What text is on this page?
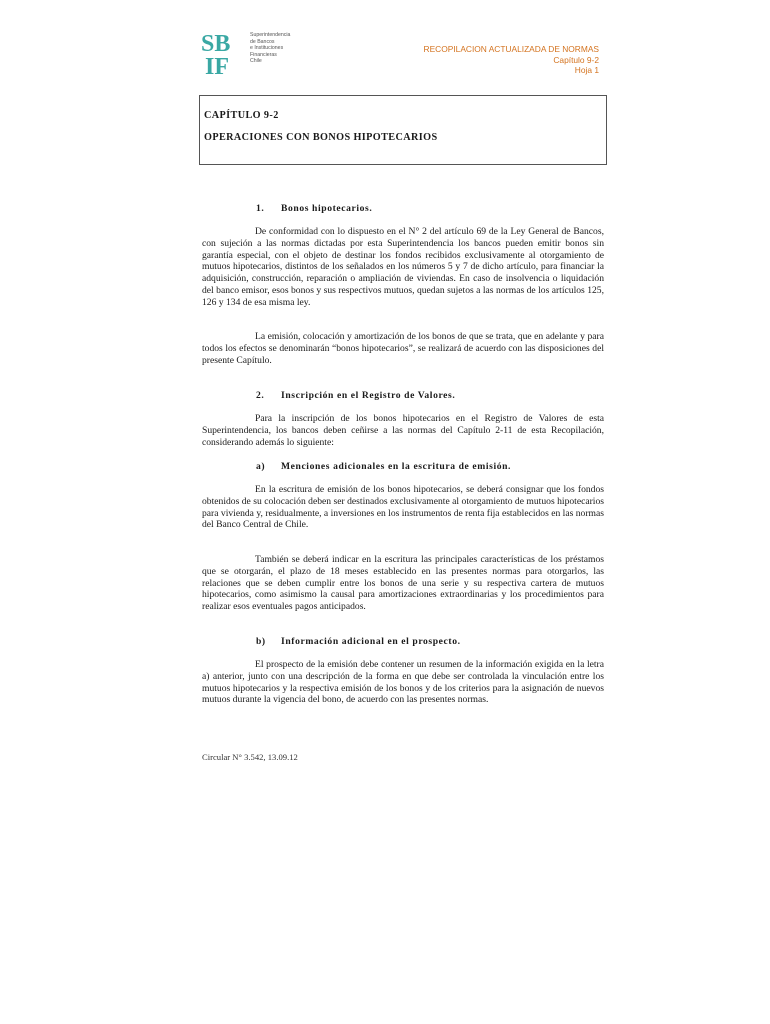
SB
IF
Superintendencia
de Bancos
e Instituciones
Financieras
Chile
RECOPILACION ACTUALIZADA DE NORMAS
Capítulo 9-2
Hoja 1
CAPÍTULO 9-2
OPERACIONES CON BONOS HIPOTECARIOS
1. Bonos hipotecarios.
De conformidad con lo dispuesto en el N° 2 del artículo 69 de la Ley General de Bancos, con sujeción a las normas dictadas por esta Superintendencia los bancos pueden emitir bonos sin garantía especial, con el objeto de destinar los fondos recibidos exclusivamente al otorgamiento de mutuos hipotecarios, distintos de los señalados en los números 5 y 7 de dicho artículo, para financiar la adquisición, construcción, reparación o ampliación de viviendas. En caso de insolvencia o liquidación del banco emisor, esos bonos y sus respectivos mutuos, quedan sujetos a las normas de los artículos 125, 126 y 134 de esa misma ley.
La emisión, colocación y amortización de los bonos de que se trata, que en adelante y para todos los efectos se denominarán “bonos hipotecarios”, se realizará de acuerdo con las disposiciones del presente Capítulo.
2. Inscripción en el Registro de Valores.
Para la inscripción de los bonos hipotecarios en el Registro de Valores de esta Superintendencia, los bancos deben ceñirse a las normas del Capítulo 2-11 de esta Recopilación, considerando además lo siguiente:
a) Menciones adicionales en la escritura de emisión.
En la escritura de emisión de los bonos hipotecarios, se deberá consignar que los fondos obtenidos de su colocación deben ser destinados exclusivamente al otorgamiento de mutuos hipotecarios para vivienda y, residualmente, a inversiones en los instrumentos de renta fija establecidos en las normas del Banco Central de Chile.
También se deberá indicar en la escritura las principales características de los préstamos que se otorgarán, el plazo de 18 meses establecido en las presentes normas para otorgarlos, las relaciones que se deben cumplir entre los bonos de una serie y su respectiva cartera de mutuos hipotecarios, como asimismo la causal para amortizaciones extraordinarias y los procedimientos para realizar esos eventuales pagos anticipados.
b) Información adicional en el prospecto.
El prospecto de la emisión debe contener un resumen de la información exigida en la letra a) anterior, junto con una descripción de la forma en que debe ser controlada la vinculación entre los mutuos hipotecarios y la respectiva emisión de los bonos y de los criterios para la asignación de nuevos mutuos durante la vigencia del bono, de acuerdo con las presentes normas.
Circular N° 3.542, 13.09.12
